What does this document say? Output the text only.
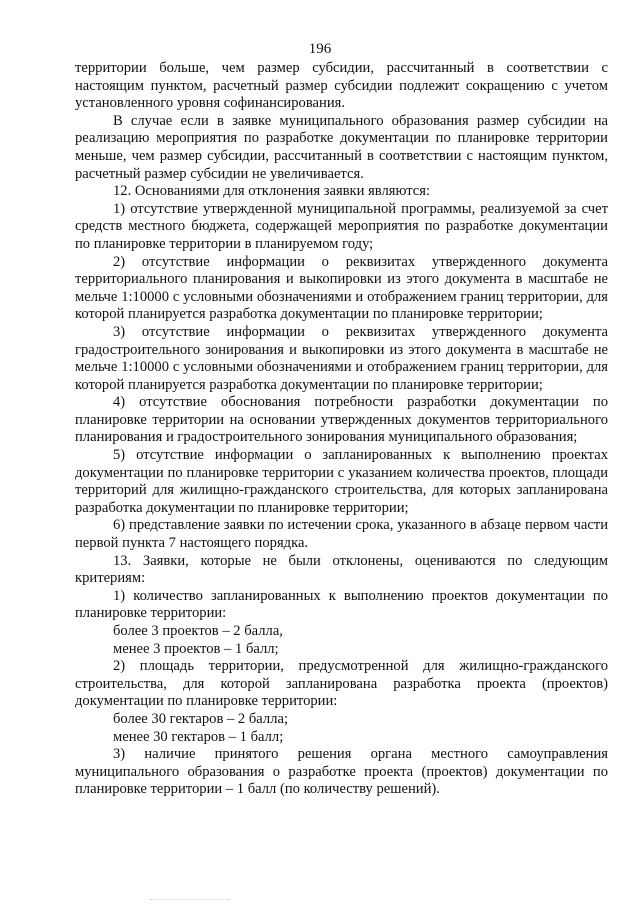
196

территории больше, чем размер субсидии, рассчитанный в соответствии с настоящим пунктом, расчетный размер субсидии подлежит сокращению с учетом установленного уровня софинансирования.

В случае если в заявке муниципального образования размер субсидии на реализацию мероприятия по разработке документации по планировке территории меньше, чем размер субсидии, рассчитанный в соответствии с настоящим пунктом, расчетный размер субсидии не увеличивается.

12. Основаниями для отклонения заявки являются:

1) отсутствие утвержденной муниципальной программы, реализуемой за счет средств местного бюджета, содержащей мероприятия по разработке документации по планировке территории в планируемом году;

2) отсутствие информации о реквизитах утвержденного документа территориального планирования и выкопировки из этого документа в масштабе не мельче 1:10000 с условными обозначениями и отображением границ территории, для которой планируется разработка документации по планировке территории;

3) отсутствие информации о реквизитах утвержденного документа градостроительного зонирования и выкопировки из этого документа в масштабе не мельче 1:10000 с условными обозначениями и отображением границ территории, для которой планируется разработка документации по планировке территории;

4) отсутствие обоснования потребности разработки документации по планировке территории на основании утвержденных документов территориального планирования и градостроительного зонирования муниципального образования;

5) отсутствие информации о запланированных к выполнению проектах документации по планировке территории с указанием количества проектов, площади территорий для жилищно-гражданского строительства, для которых запланирована разработка документации по планировке территории;

6) представление заявки по истечении срока, указанного в абзаце первом части первой пункта 7 настоящего порядка.

13. Заявки, которые не были отклонены, оцениваются по следующим критериям:

1) количество запланированных к выполнению проектов документации по планировке территории:

более 3 проектов – 2 балла,

менее 3 проектов – 1 балл;

2) площадь территории, предусмотренной для жилищно-гражданского строительства, для которой запланирована разработка проекта (проектов) документации по планировке территории:

более 30 гектаров – 2 балла;

менее 30 гектаров – 1 балл;

3) наличие принятого решения органа местного самоуправления муниципального образования о разработке проекта (проектов) документации по планировке территории – 1 балл (по количеству решений).
